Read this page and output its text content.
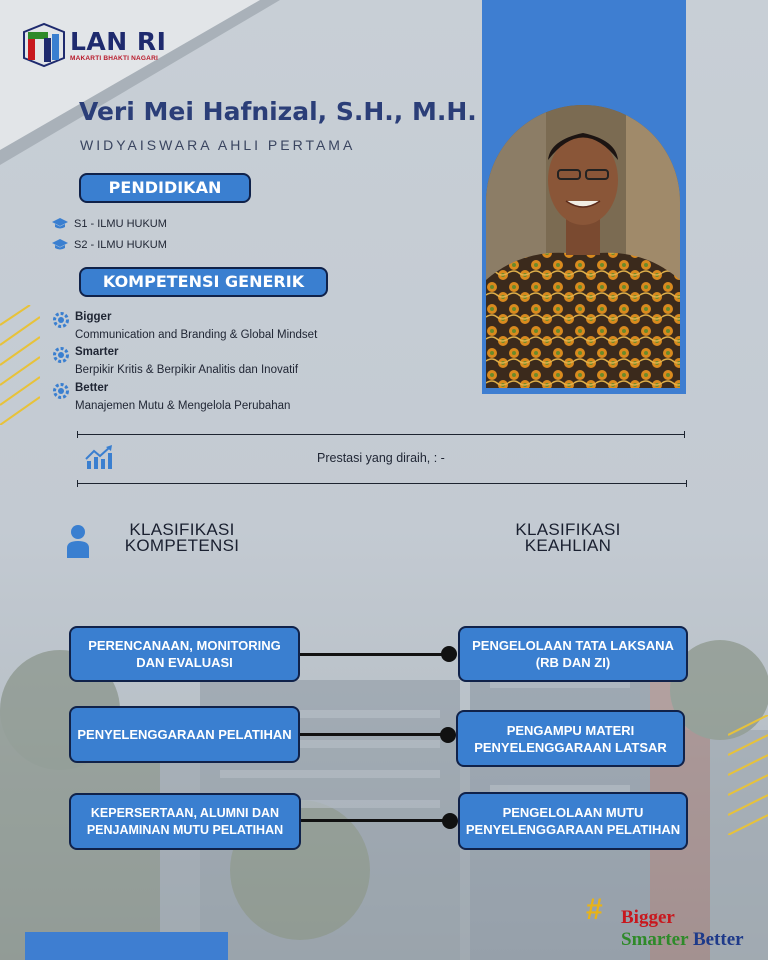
LAN RI
MAKARTI BHAKTI NAGARI
Veri Mei Hafnizal, S.H., M.H.
WIDYAISWARA AHLI PERTAMA
PENDIDIKAN
S1 - ILMU HUKUM
S2 - ILMU HUKUM
KOMPETENSI GENERIK
Bigger
Communication and Branding & Global Mindset
Smarter
Berpikir Kritis & Berpikir Analitis dan Inovatif
Better
Manajemen Mutu & Mengelola Perubahan
Prestasi yang diraih, : -
KLASIFIKASI
KOMPETENSI
KLASIFIKASI
KEAHLIAN
PERENCANAAN, MONITORING DAN EVALUASI
PENGELOLAAN TATA LAKSANA (RB DAN ZI)
PENYELENGGARAAN PELATIHAN	PENGAMPU MATERI PENYELENGGARAAN LATSAR
KEPERSERTAAN, ALUMNI DAN PENJAMINAN MUTU PELATIHAN
PENGELOLAAN MUTU PENYELENGGARAAN PELATIHAN
# Bigger
Smarter Better
